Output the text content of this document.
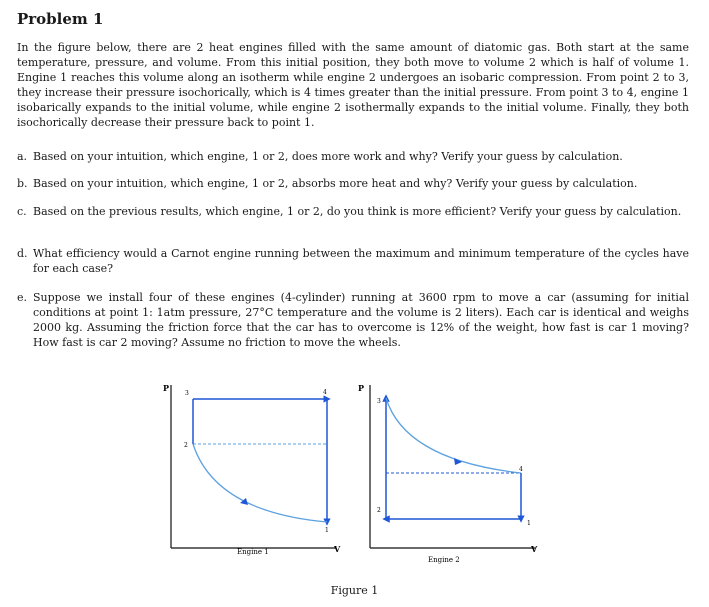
Problem 1

In the figure below, there are 2 heat engines filled with the same amount of diatomic gas. Both start at the same temperature, pressure, and volume. From this initial position, they both move to volume 2 which is half of volume 1. Engine 1 reaches this volume along an isotherm while engine 2 undergoes an isobaric compression. From point 2 to 3, they increase their pressure isochorically, which is 4 times greater than the initial pressure. From point 3 to 4, engine 1 isobarically expands to the initial volume, while engine 2 isothermally expands to the initial volume. Finally, they both isochorically decrease their pressure back to point 1.

a. Based on your intuition, which engine, 1 or 2, does more work and why? Verify your guess by calculation.
b. Based on your intuition, which engine, 1 or 2, absorbs more heat and why? Verify your guess by calculation.
c. Based on the previous results, which engine, 1 or 2, do you think is more efficient? Verify your guess by calculation.
d. What efficiency would a Carnot engine running between the maximum and minimum temperature of the cycles have for each case?
e. Suppose we install four of these engines (4-cylinder) running at 3600 rpm to move a car (assuming for initial conditions at point 1: 1atm pressure, 27°C temperature and the volume is 2 liters). Each car is identical and weighs 2000 kg. Assuming the friction force that the car has to overcome is 12% of the weight, how fast is car 1 moving? How fast is car 2 moving? Assume no friction to move the wheels.
P
V
3	4
2
1
Engine 1
P
V
3
4
2
1
Engine 2

Figure 1
